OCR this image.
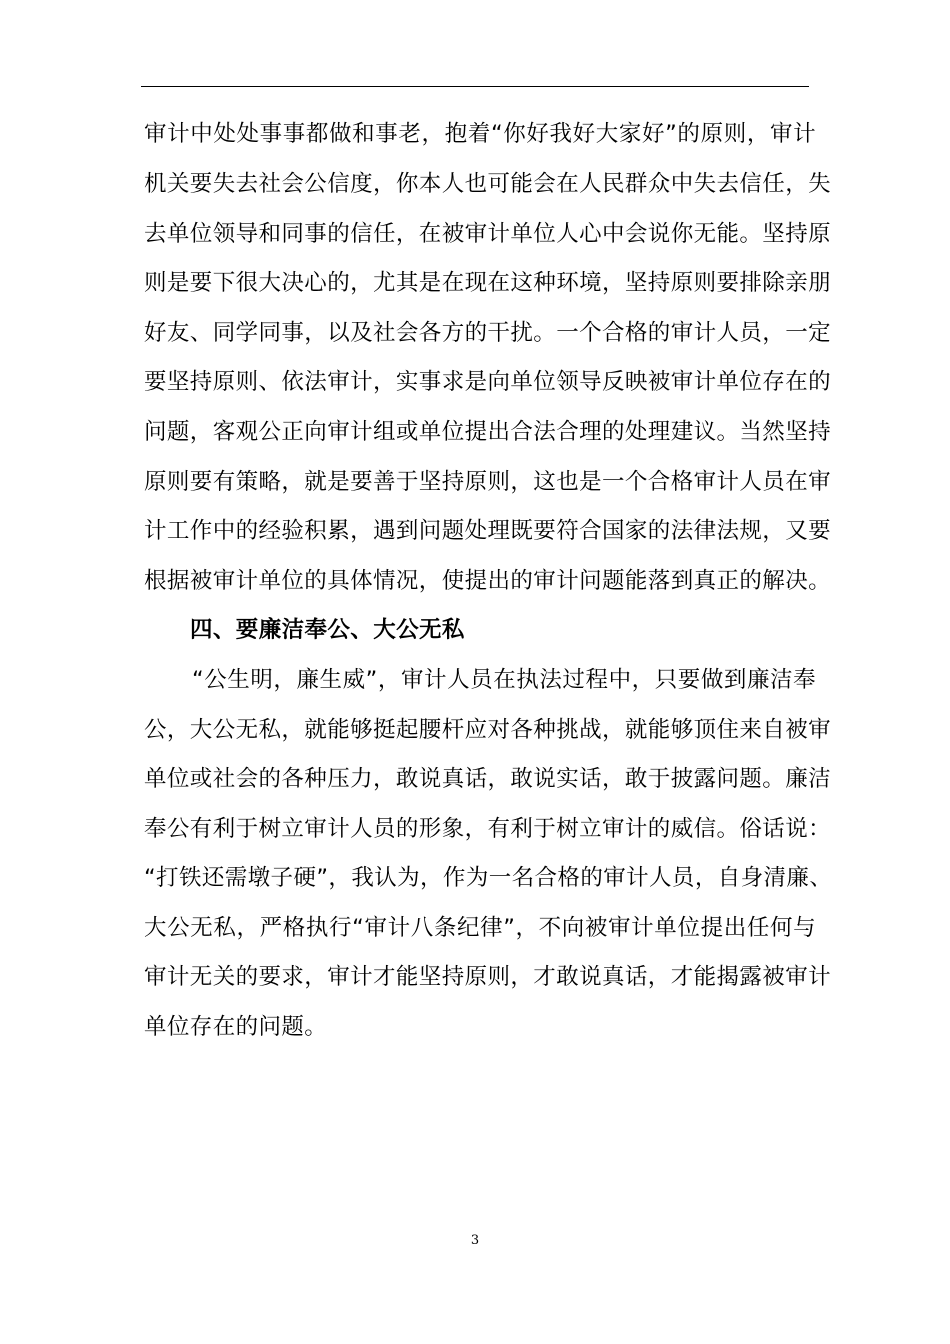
审计中处处事事都做和事老，抱着“你好我好大家好”的原则，审计
机关要失去社会公信度，你本人也可能会在人民群众中失去信任，失
去单位领导和同事的信任，在被审计单位人心中会说你无能。坚持原
则是要下很大决心的，尤其是在现在这种环境，坚持原则要排除亲朋
好友、同学同事，以及社会各方的干扰。一个合格的审计人员，一定
要坚持原则、依法审计，实事求是向单位领导反映被审计单位存在的
问题，客观公正向审计组或单位提出合法合理的处理建议。当然坚持
原则要有策略，就是要善于坚持原则，这也是一个合格审计人员在审
计工作中的经验积累，遇到问题处理既要符合国家的法律法规，又要
根据被审计单位的具体情况，使提出的审计问题能落到真正的解决。
四、要廉洁奉公、大公无私
“公生明，廉生威”，审计人员在执法过程中，只要做到廉洁奉
公，大公无私，就能够挺起腰杆应对各种挑战，就能够顶住来自被审
单位或社会的各种压力，敢说真话，敢说实话，敢于披露问题。廉洁
奉公有利于树立审计人员的形象，有利于树立审计的威信。俗话说：
“打铁还需墩子硬”，我认为，作为一名合格的审计人员，自身清廉、
大公无私，严格执行“审计八条纪律”，不向被审计单位提出任何与
审计无关的要求，审计才能坚持原则，才敢说真话，才能揭露被审计
单位存在的问题。
3
